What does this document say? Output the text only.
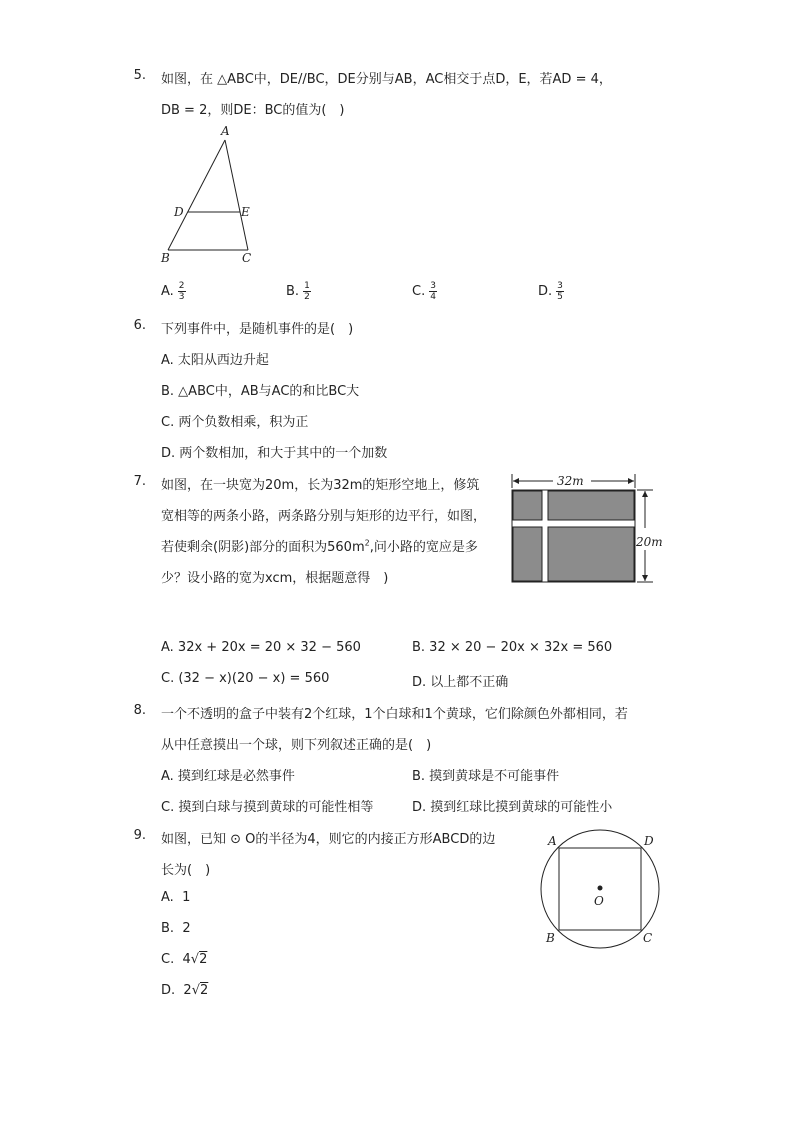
5. 如图，在 △ABC中，DE//BC，DE分别与AB，AC相交于点D，E，若AD = 4，
DB = 2，则DE：BC的值为(　)
A
D	E
B	C
A. $\frac{2}{3}$	B. $\frac{1}{2}$	C. $\frac{3}{4}$	D. $\frac{3}{5}$
6. 下列事件中，是随机事件的是(　)
A. 太阳从西边升起
B. △ABC中，AB与AC的和比BC大
C. 两个负数相乘，积为正
D. 两个数相加，和大于其中的一个加数
7. 如图，在一块宽为20m，长为32m的矩形空地上，修筑
宽相等的两条小路，两条路分别与矩形的边平行，如图，
若使剩余(阴影)部分的面积为$560m^2$,问小路的宽应是多
少？设小路的宽为xcm，根据题意得　)
32m
20m
A. 32x + 20x = 20 × 32 − 560	B. 32 × 20 − 20x × 32x = 560
C. (32 − x)(20 − x) = 560	D. 以上都不正确
8. 一个不透明的盒子中装有2个红球，1个白球和1个黄球，它们除颜色外都相同，若
从中任意摸出一个球，则下列叙述正确的是(　)
A. 摸到红球是必然事件	B. 摸到黄球是不可能事件
C. 摸到白球与摸到黄球的可能性相等	D. 摸到红球比摸到黄球的可能性小
9. 如图，已知 ⊙ O的半径为4，则它的内接正方形ABCD的边
长为(　)
A	D
B	C
O
A. 1
B. 2
C. 4√2
D. 2√2
